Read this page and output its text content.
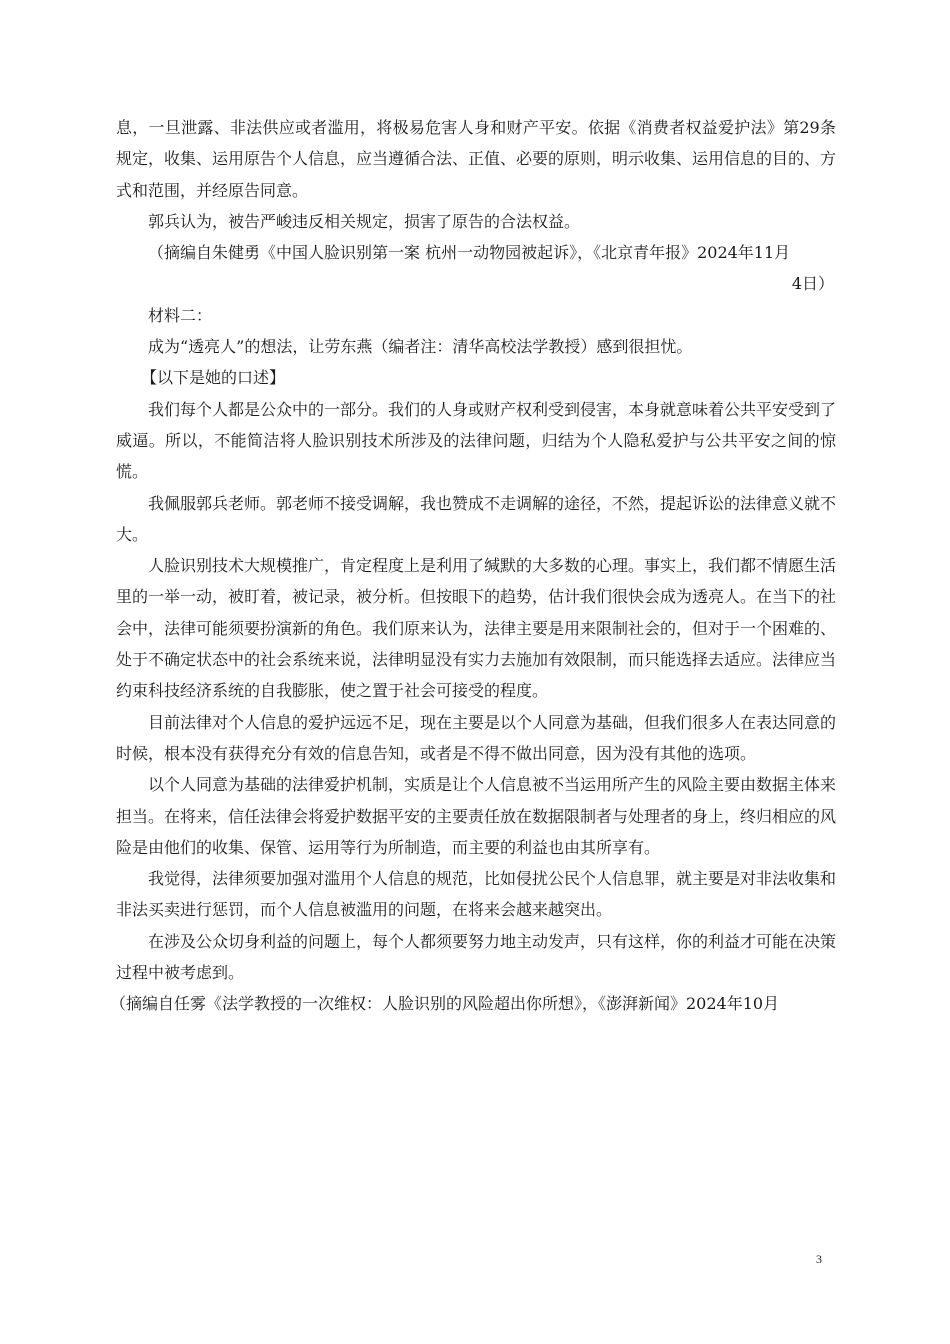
息，一旦泄露、非法供应或者滥用，将极易危害人身和财产平安。依据《消费者权益爱护法》第29条规定，收集、运用原告个人信息，应当遵循合法、正值、必要的原则，明示收集、运用信息的目的、方式和范围，并经原告同意。

郭兵认为，被告严峻违反相关规定，损害了原告的合法权益。

（摘编自朱健勇《中国人脸识别第一案 杭州一动物园被起诉》，《北京青年报》2024年11月

4日）

材料二：

成为“透亮人”的想法，让劳东燕（编者注：清华高校法学教授）感到很担忧。

【以下是她的口述】

我们每个人都是公众中的一部分。我们的人身或财产权利受到侵害，本身就意味着公共平安受到了威逼。所以，不能简洁将人脸识别技术所涉及的法律问题，归结为个人隐私爱护与公共平安之间的惊慌。

我佩服郭兵老师。郭老师不接受调解，我也赞成不走调解的途径，不然，提起诉讼的法律意义就不大。

人脸识别技术大规模推广，肯定程度上是利用了缄默的大多数的心理。事实上，我们都不情愿生活里的一举一动，被盯着，被记录，被分析。但按眼下的趋势，估计我们很快会成为透亮人。在当下的社会中，法律可能须要扮演新的角色。我们原来认为，法律主要是用来限制社会的，但对于一个困难的、处于不确定状态中的社会系统来说，法律明显没有实力去施加有效限制，而只能选择去适应。法律应当约束科技经济系统的自我膨胀，使之置于社会可接受的程度。

目前法律对个人信息的爱护远远不足，现在主要是以个人同意为基础，但我们很多人在表达同意的时候，根本没有获得充分有效的信息告知，或者是不得不做出同意，因为没有其他的选项。

以个人同意为基础的法律爱护机制，实质是让个人信息被不当运用所产生的风险主要由数据主体来担当。在将来，信任法律会将爱护数据平安的主要责任放在数据限制者与处理者的身上，终归相应的风险是由他们的收集、保管、运用等行为所制造，而主要的利益也由其所享有。

我觉得，法律须要加强对滥用个人信息的规范，比如侵扰公民个人信息罪，就主要是对非法收集和非法买卖进行惩罚，而个人信息被滥用的问题，在将来会越来越突出。

在涉及公众切身利益的问题上，每个人都须要努力地主动发声，只有这样，你的利益才可能在决策过程中被考虑到。

（摘编自任雾《法学教授的一次维权：人脸识别的风险超出你所想》，《澎湃新闻》2024年10月

3
